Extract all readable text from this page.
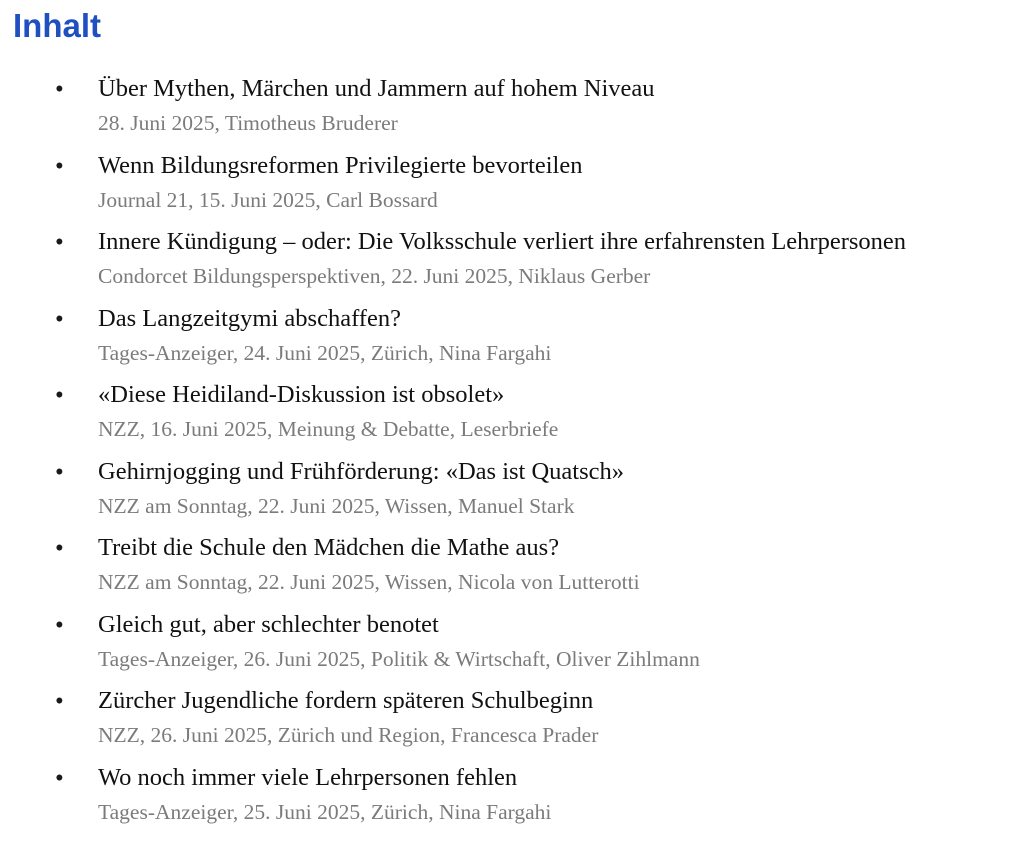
Inhalt
• Über Mythen, Märchen und Jammern auf hohem Niveau
28. Juni 2025, Timotheus Bruderer
• Wenn Bildungsreformen Privilegierte bevorteilen
Journal 21, 15. Juni 2025, Carl Bossard
• Innere Kündigung – oder: Die Volksschule verliert ihre erfahrensten Lehrpersonen
Condorcet Bildungsperspektiven, 22. Juni 2025, Niklaus Gerber
• Das Langzeitgymi abschaffen?
Tages-Anzeiger, 24. Juni 2025, Zürich, Nina Fargahi
• «Diese Heidiland-Diskussion ist obsolet»
NZZ, 16. Juni 2025, Meinung & Debatte, Leserbriefe
• Gehirnjogging und Frühförderung: «Das ist Quatsch»
NZZ am Sonntag, 22. Juni 2025, Wissen, Manuel Stark
• Treibt die Schule den Mädchen die Mathe aus?
NZZ am Sonntag, 22. Juni 2025, Wissen, Nicola von Lutterotti
• Gleich gut, aber schlechter benotet
Tages-Anzeiger, 26. Juni 2025, Politik & Wirtschaft, Oliver Zihlmann
• Zürcher Jugendliche fordern späteren Schulbeginn
NZZ, 26. Juni 2025, Zürich und Region, Francesca Prader
• Wo noch immer viele Lehrpersonen fehlen
Tages-Anzeiger, 25. Juni 2025, Zürich, Nina Fargahi
